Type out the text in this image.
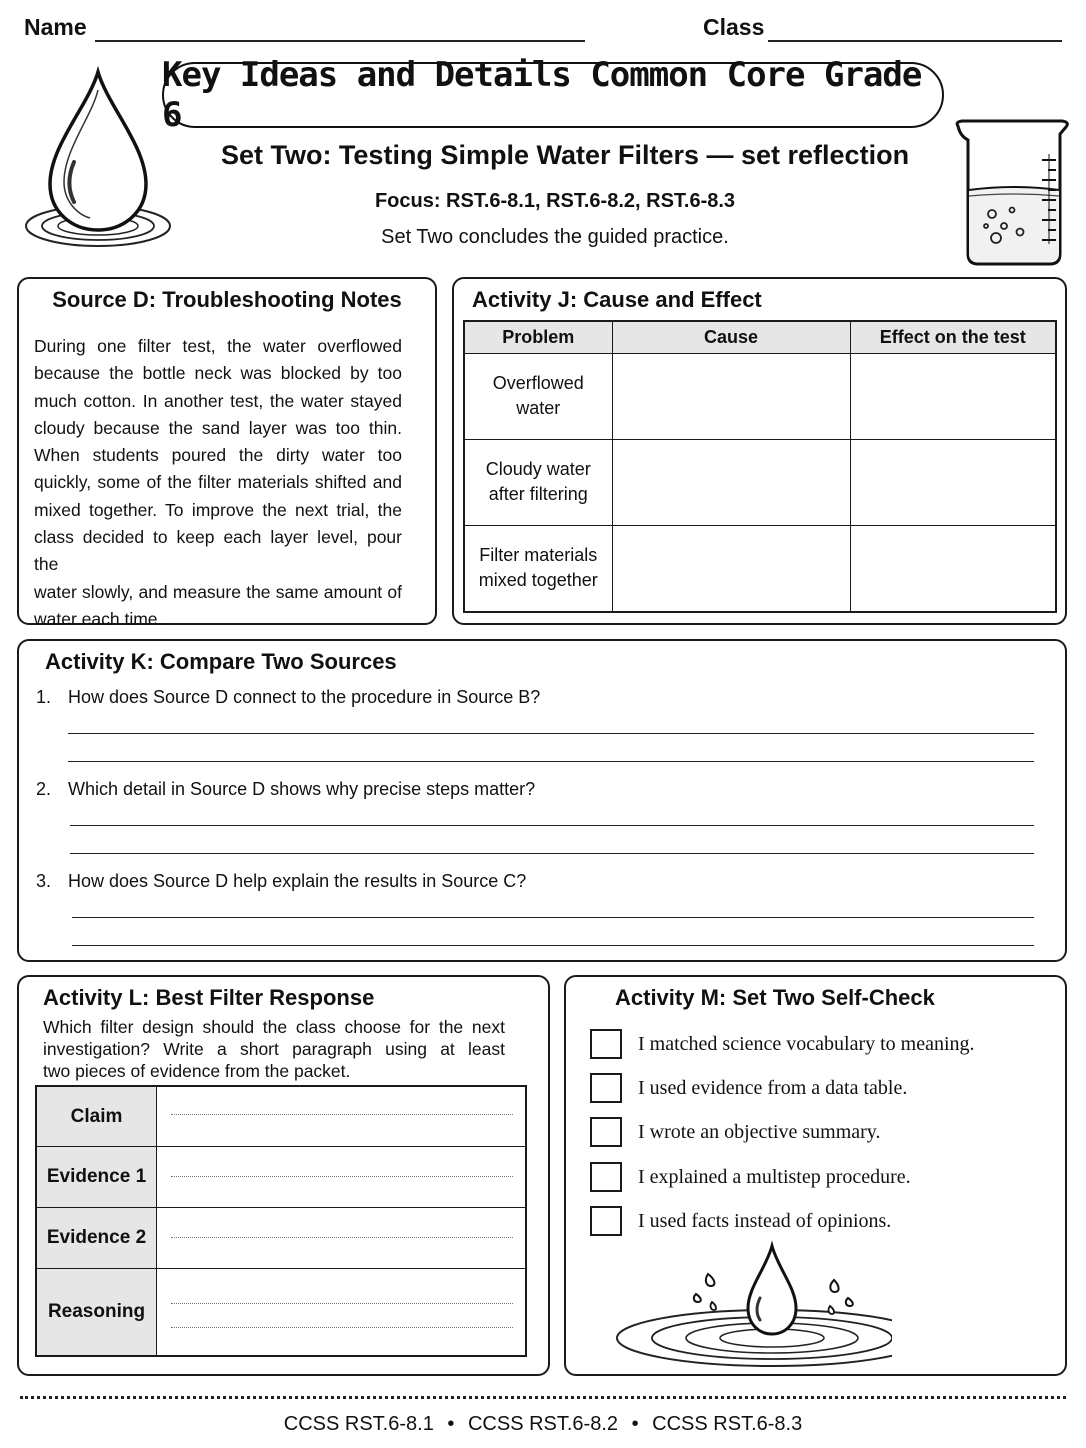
Name	Class
Key Ideas and Details Common Core Grade 6
Set Two: Testing Simple Water Filters — set reflection
Focus: RST.6-8.1, RST.6-8.2, RST.6-8.3
Set Two concludes the guided practice.
Source D: Troubleshooting Notes
During one filter test, the water overflowed
because the bottle neck was blocked by too
much cotton. In another test, the water stayed
cloudy because the sand layer was too thin.
When students poured the dirty water too
quickly, some of the filter materials shifted and
mixed together. To improve the next trial, the
class decided to keep each layer level, pour the
water slowly, and measure the same amount of
water each time.
Activity J: Cause and Effect
Problem	Cause	Effect on the test

Overflowed
water		

Cloudy water
after filtering		

Filter materials
mixed together		

Activity K: Compare Two Sources
1. How does Source D connect to the procedure in Source B?
2. Which detail in Source D shows why precise steps matter?
3. How does Source D help explain the results in Source C?
Activity L: Best Filter Response
Which filter design should the class choose for the next
investigation? Write a short paragraph using at least
two pieces of evidence from the packet.
Claim
Evidence 1
Evidence 2
Reasoning
Activity M: Set Two Self-Check
I matched science vocabulary to meaning.
I used evidence from a data table.
I wrote an objective summary.
I explained a multistep procedure.
I used facts instead of opinions.
CCSS RST.6-8.1 • CCSS RST.6-8.2 • CCSS RST.6-8.3
